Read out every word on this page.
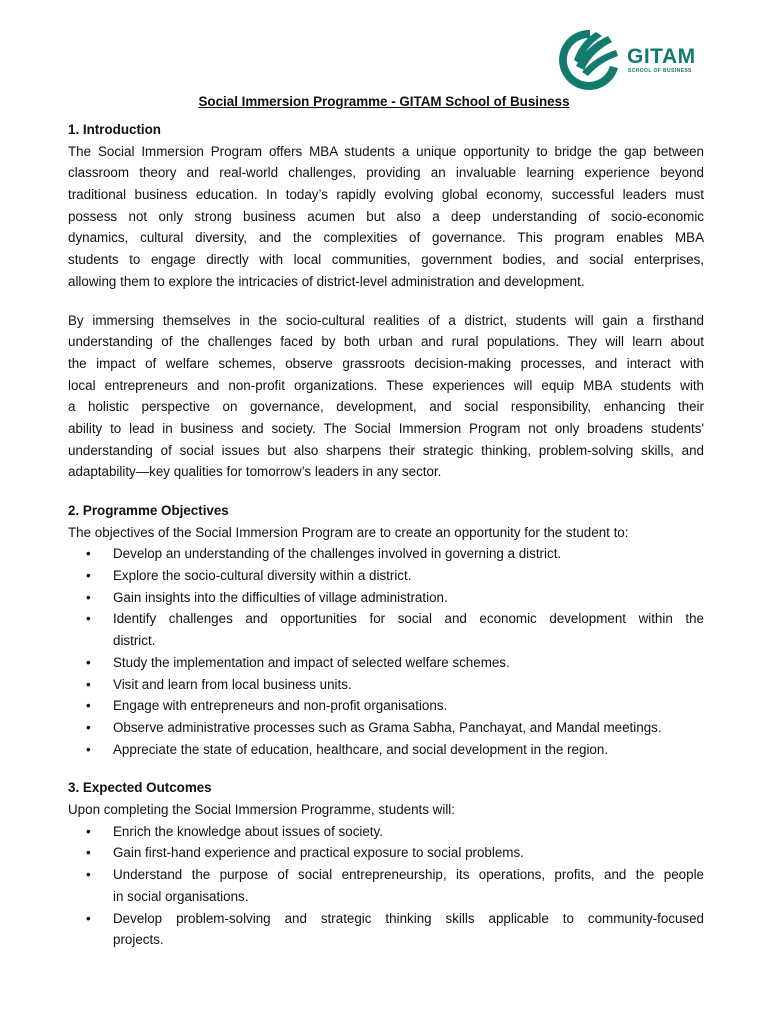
GITAM
SCHOOL OF BUSINESS
Social Immersion Programme - GITAM School of Business
1. Introduction
The Social Immersion Program offers MBA students a unique opportunity to bridge the gap between
classroom theory and real-world challenges, providing an invaluable learning experience beyond
traditional business education. In today’s rapidly evolving global economy, successful leaders must
possess not only strong business acumen but also a deep understanding of socio-economic
dynamics, cultural diversity, and the complexities of governance. This program enables MBA
students to engage directly with local communities, government bodies, and social enterprises,
allowing them to explore the intricacies of district-level administration and development.
By immersing themselves in the socio-cultural realities of a district, students will gain a firsthand
understanding of the challenges faced by both urban and rural populations. They will learn about
the impact of welfare schemes, observe grassroots decision-making processes, and interact with
local entrepreneurs and non-profit organizations. These experiences will equip MBA students with
a holistic perspective on governance, development, and social responsibility, enhancing their
ability to lead in business and society. The Social Immersion Program not only broadens students'
understanding of social issues but also sharpens their strategic thinking, problem-solving skills, and
adaptability—key qualities for tomorrow’s leaders in any sector.
2. Programme Objectives
The objectives of the Social Immersion Program are to create an opportunity for the student to:
•	Develop an understanding of the challenges involved in governing a district.
•	Explore the socio-cultural diversity within a district.
•	Gain insights into the difficulties of village administration.
•	Identify challenges and opportunities for social and economic development within the
district.
•	Study the implementation and impact of selected welfare schemes.
•	Visit and learn from local business units.
•	Engage with entrepreneurs and non-profit organisations.
•	Observe administrative processes such as Grama Sabha, Panchayat, and Mandal meetings.
•	Appreciate the state of education, healthcare, and social development in the region.
3. Expected Outcomes
Upon completing the Social Immersion Programme, students will:
•	Enrich the knowledge about issues of society.
•	Gain first-hand experience and practical exposure to social problems.
•	Understand the purpose of social entrepreneurship, its operations, profits, and the people
in social organisations.
•	Develop problem-solving and strategic thinking skills applicable to community-focused
projects.
